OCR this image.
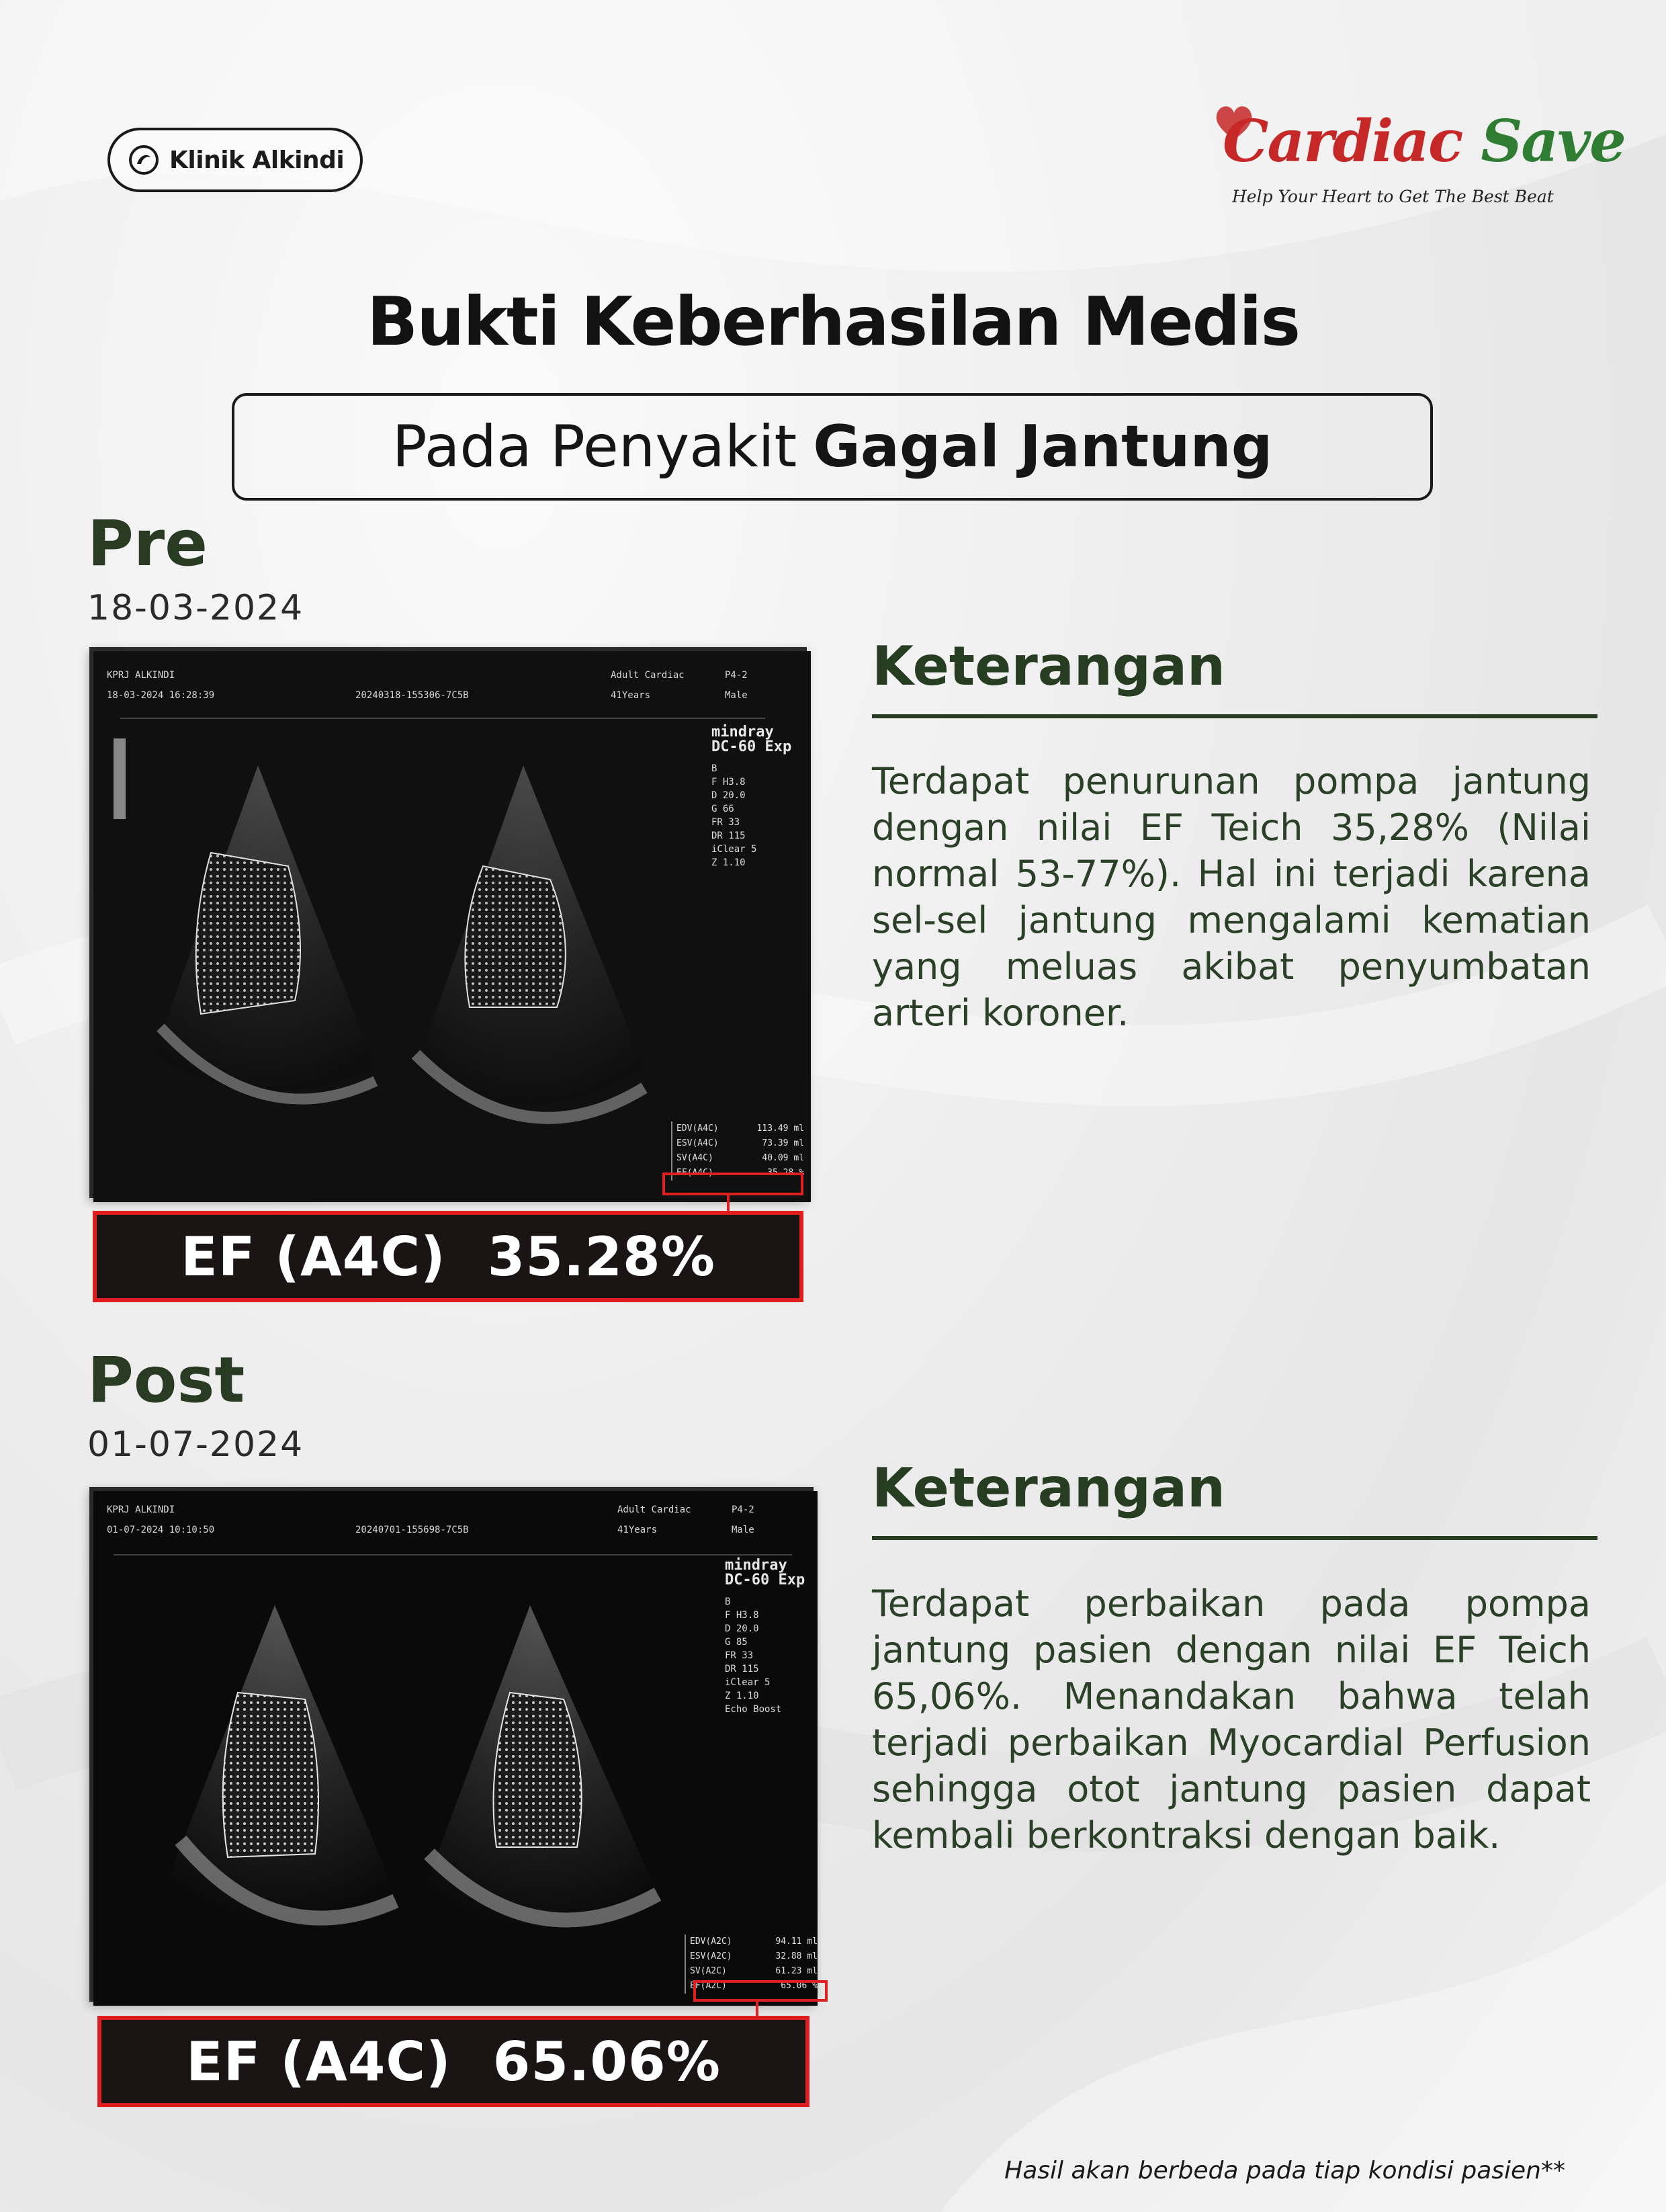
Klinik Alkindi	Cardiac Save
Help Your Heart to Get The Best Beat
Bukti Keberhasilan Medis
Pada Penyakit Gagal Jantung
Pre
18-03-2024
KPRJ ALKINDI
18-03-2024 16:28:39	20240318-155306-7C5B
Adult Cardiac
41Years
P4-2
Male
mindray
DC-60 Exp
B
F H3.8
D 20.0
G 66
FR 33
DR 115
iClear 5
Z 1.10
EDV(A4C)	113.49 ml
ESV(A4C)	73.39 ml
SV(A4C)	40.09 ml
EF(A4C)	35.28 %
EF (A4C) 35.28%
Keterangan
Terdapat penurunan pompa jantung dengan nilai EF Teich 35,28% (Nilai normal 53-77%). Hal ini terjadi karena sel-sel jantung mengalami kematian yang meluas akibat penyumbatan arteri koroner.
Post
01-07-2024
KPRJ ALKINDI
01-07-2024 10:10:50	20240701-155698-7C5B
Adult Cardiac
41Years
P4-2
Male
mindray
DC-60 Exp
B
F H3.8
D 20.0
G 85
FR 33
DR 115
iClear 5
Z 1.10
Echo Boost
EDV(A2C)	94.11 ml
ESV(A2C)	32.88 ml
SV(A2C)	61.23 ml
EF(A2C)	65.06 %
EF (A4C) 65.06%
Keterangan
Terdapat perbaikan pada pompa jantung pasien dengan nilai EF Teich 65,06%. Menandakan bahwa telah terjadi perbaikan Myocardial Perfusion sehingga otot jantung pasien dapat kembali berkontraksi dengan baik.
Hasil akan berbeda pada tiap kondisi pasien**
